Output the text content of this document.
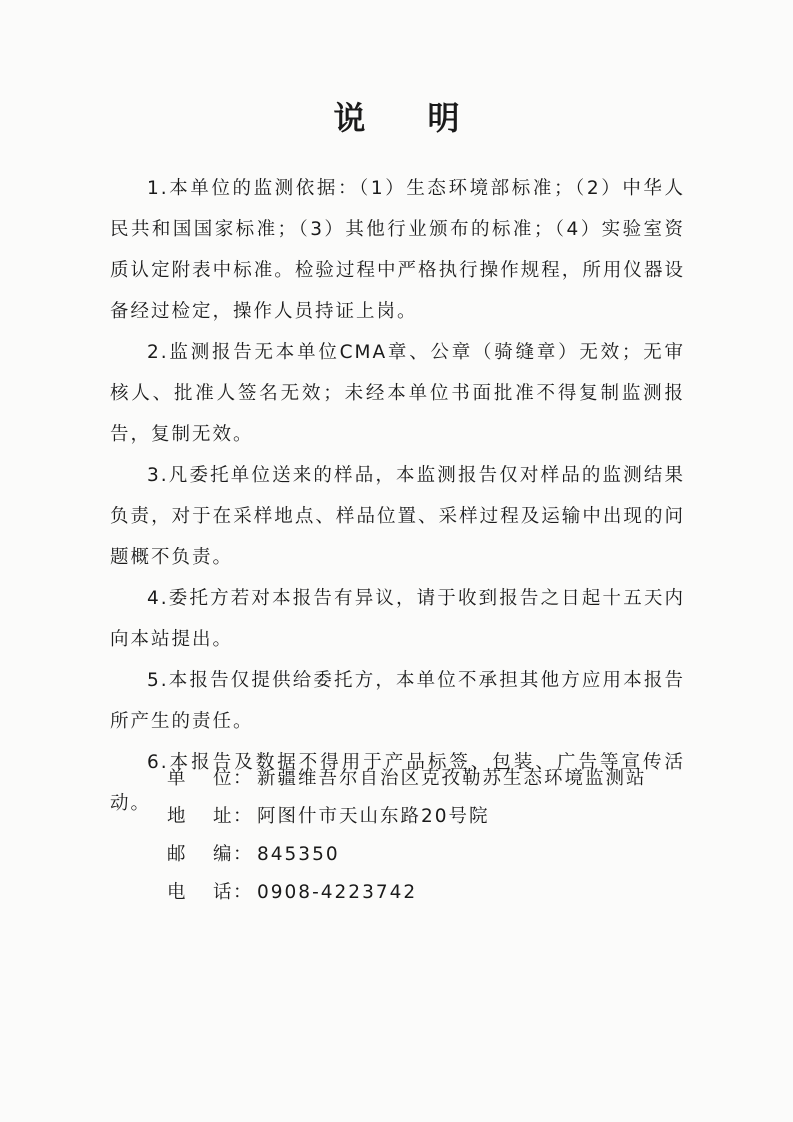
说明

1.本单位的监测依据：（1）生态环境部标准；（2）中华人民共和国国家标准；（3）其他行业颁布的标准；（4）实验室资质认定附表中标准。检验过程中严格执行操作规程，所用仪器设备经过检定，操作人员持证上岗。

2.监测报告无本单位CMA章、公章（骑缝章）无效；无审核人、批准人签名无效；未经本单位书面批准不得复制监测报告，复制无效。

3.凡委托单位送来的样品，本监测报告仅对样品的监测结果负责，对于在采样地点、样品位置、采样过程及运输中出现的问题概不负责。

4.委托方若对本报告有异议，请于收到报告之日起十五天内向本站提出。

5.本报告仅提供给委托方，本单位不承担其他方应用本报告所产生的责任。

6.本报告及数据不得用于产品标签、包装、广告等宣传活动。

单 位： 新疆维吾尔自治区克孜勒苏生态环境监测站
地 址： 阿图什市天山东路20号院
邮 编： 845350
电 话： 0908-4223742
